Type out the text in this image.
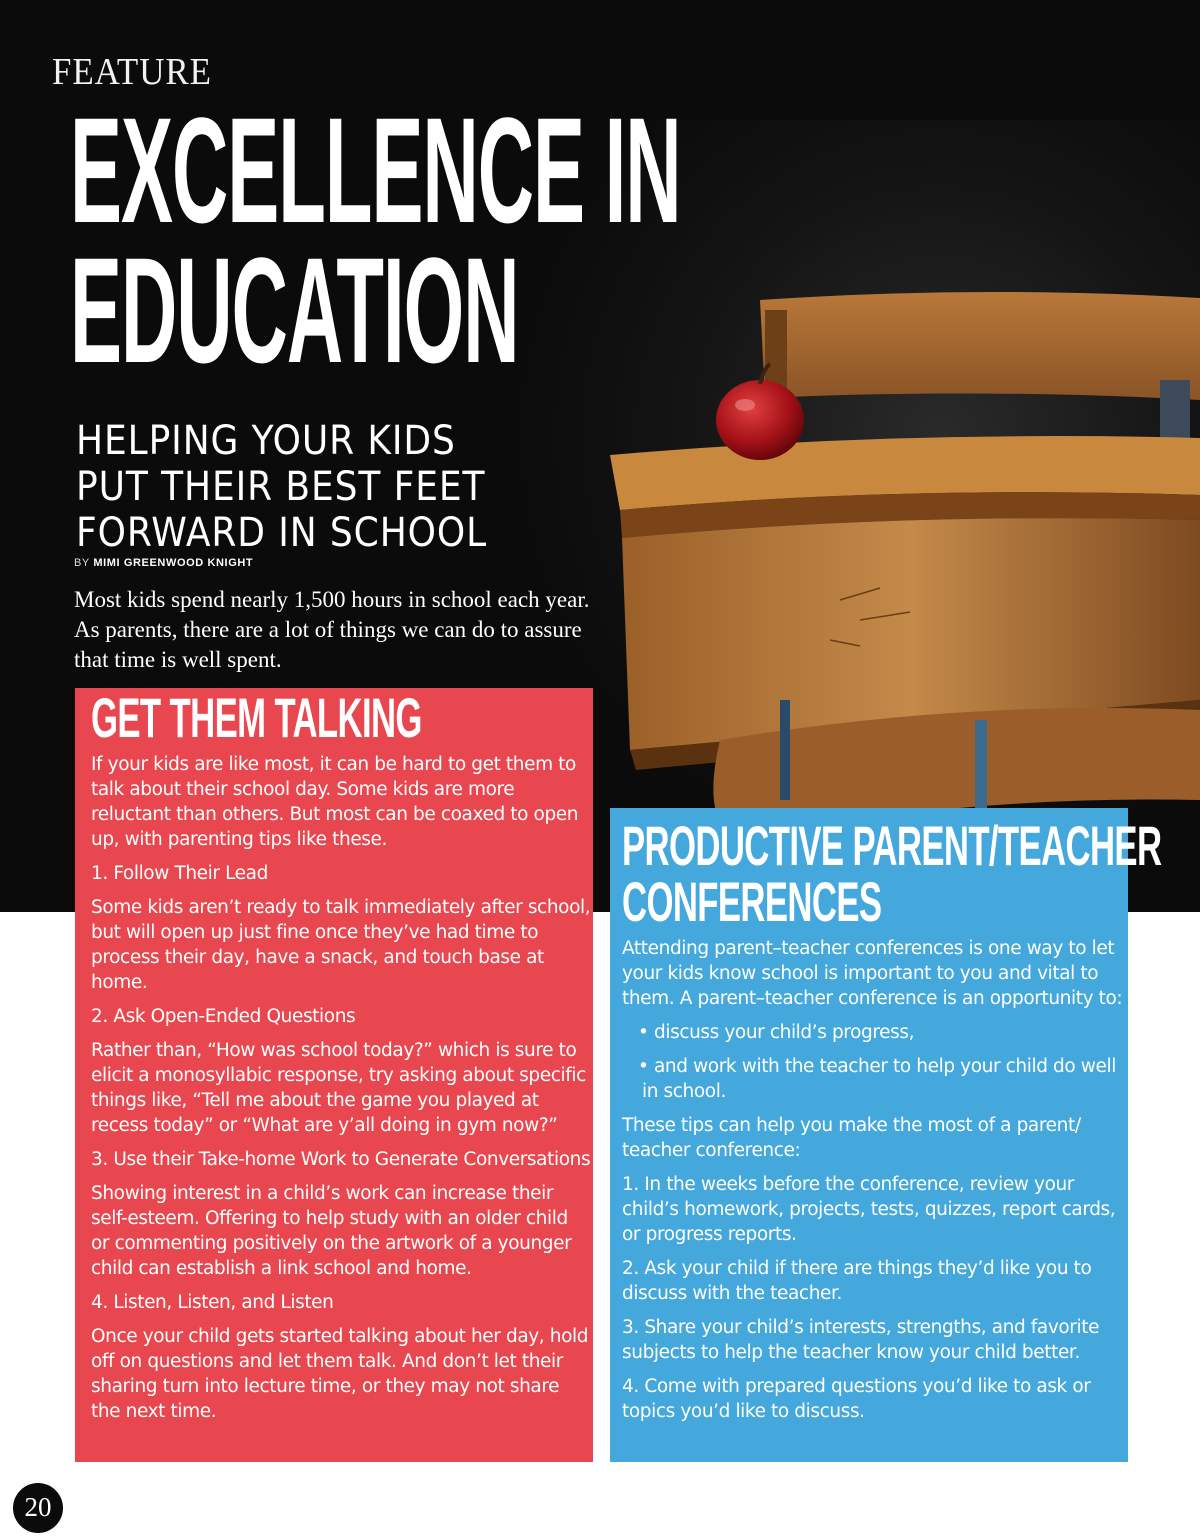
FEATURE
EXCELLENCE IN
EDUCATION
HELPING YOUR KIDS
PUT THEIR BEST FEET
FORWARD IN SCHOOL
BY MIMI GREENWOOD KNIGHT
Most kids spend nearly 1,500 hours in school each year. As parents, there are a lot of things we can do to assure that time is well spent.
GET THEM TALKING

If your kids are like most, it can be hard to get them to talk about their school day. Some kids are more reluctant than others. But most can be coaxed to open up, with parenting tips like these.

1. Follow Their Lead

Some kids aren’t ready to talk immediately after school, but will open up just fine once they’ve had time to process their day, have a snack, and touch base at home.

2. Ask Open-Ended Questions

Rather than, “How was school today?” which is sure to elicit a monosyllabic response, try asking about specific things like, “Tell me about the game you played at recess today” or “What are y’all doing in gym now?”

3. Use their Take-home Work to Generate Conversations

Showing interest in a child’s work can increase their self-esteem. Offering to help study with an older child or commenting positively on the artwork of a younger child can establish a link school and home.

4. Listen, Listen, and Listen

Once your child gets started talking about her day, hold off on questions and let them talk. And don’t let their sharing turn into lecture time, or they may not share the next time.

PRODUCTIVE PARENT/TEACHER
CONFERENCES

Attending parent–teacher conferences is one way to let your kids know school is important to you and vital to them. A parent–teacher conference is an opportunity to:

• discuss your child’s progress,

• and work with the teacher to help your child do well in school.

These tips can help you make the most of a parent/ teacher conference:

1. In the weeks before the conference, review your child’s homework, projects, tests, quizzes, report cards, or progress reports.

2. Ask your child if there are things they’d like you to discuss with the teacher.

3. Share your child’s interests, strengths, and favorite subjects to help the teacher know your child better.

4. Come with prepared questions you’d like to ask or topics you’d like to discuss.

20
